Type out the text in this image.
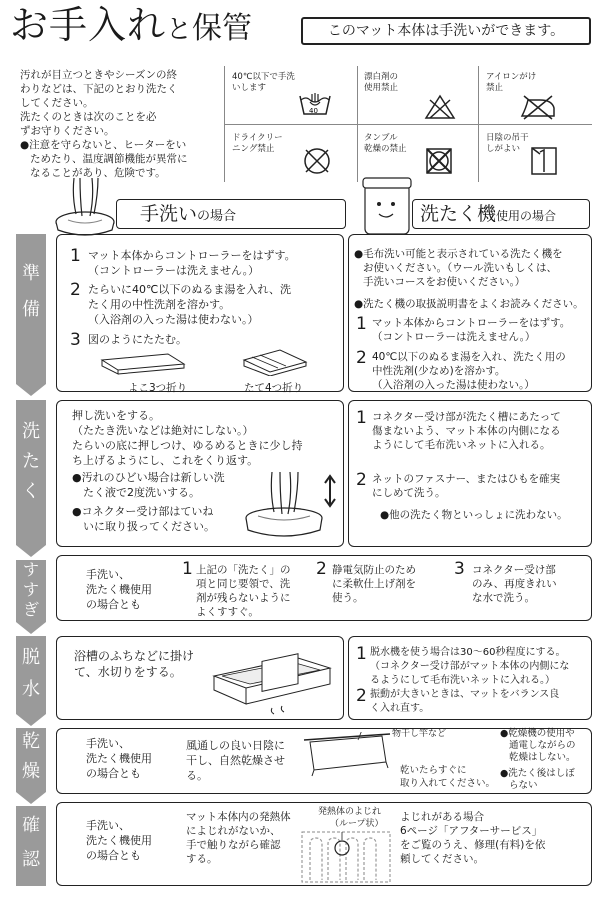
お手入れと保管	このマット本体は手洗いができます。
汚れが目立つときやシーズンの終
わりなどは、下記のとおり洗たく
してください。
洗たくのときは次のことを必
ずお守りください。
●注意を守らないと、ヒーターをい
ためたり、温度調節機能が異常に
なることがあり、危険です。
40℃以下で手洗
いします
40
漂白剤の
使用禁止
アイロンがけ
禁止
ドライクリー
ニング禁止
タンブル
乾燥の禁止
日陰の吊干
しがよい
手洗いの場合	洗たく機使用の場合
準
備
洗
た
く
す
す
ぎ
脱
水
乾
燥
確
認
1 マット本体からコントローラーをはずす。
（コントローラーは洗えません。）
2 たらいに40℃以下のぬるま湯を入れ、洗
たく用の中性洗剤を溶かす。
（入浴剤の入った湯は使わない。）
3 図のようにたたむ。
よこ3つ折り	たて4つ折り
●毛布洗い可能と表示されている洗たく機を
お使いください。（ウール洗いもしくは、
手洗いコースをお使いください。）
●洗たく機の取扱説明書をよくお読みください。
1 マット本体からコントローラーをはずす。
（コントローラーは洗えません。）
2 40℃以下のぬるま湯を入れ、洗たく用の
中性洗剤(少なめ)を溶かす。
（入浴剤の入った湯は使わない。）
押し洗いをする。
（たたき洗いなどは絶対にしない。）
たらいの底に押しつけ、ゆるめるときに少し持
ち上げるようにし、これをくり返す。
●汚れのひどい場合は新しい洗
たく液で2度洗いする。
●コネクター受け部はていね
いに取り扱ってください。
1 コネクター受け部が洗たく槽にあたって
傷まないよう、マット本体の内側になる
ようにして毛布洗いネットに入れる。
2 ネットのファスナー、またはひもを確実
にしめて洗う。
●他の洗たく物といっしょに洗わない。
手洗い、
洗たく機使用
の場合とも
1 上記の「洗たく」の
項と同じ要領で、洗
剤が残らないように
よくすすぐ。
2 静電気防止のため
に柔軟仕上げ剤を
使う。
3 コネクター受け部
のみ、再度きれい
な水で洗う。
浴槽のふちなどに掛け
て、水切りをする。
1 脱水機を使う場合は30〜60秒程度にする。
（コネクター受け部がマット本体の内側にな
るようにして毛布洗いネットに入れる。）
2 振動が大きいときは、マットをバランス良
く入れ直す。
手洗い、
洗たく機使用
の場合とも
風通しの良い日陰に
干し、自然乾燥させ
る。
物干し竿など
乾いたらすぐに
取り入れてください。
●乾燥機の使用や
通電しながらの
乾燥はしない。
●洗たく後はしぼ
らない
手洗い、
洗たく機使用
の場合とも
マット本体内の発熱体
によじれがないか、
手で触りながら確認
する。
発熱体のよじれ
（ループ状）
よじれがある場合
6ページ「アフターサービス」
をご覧のうえ、修理(有料)を依
頼してください。
